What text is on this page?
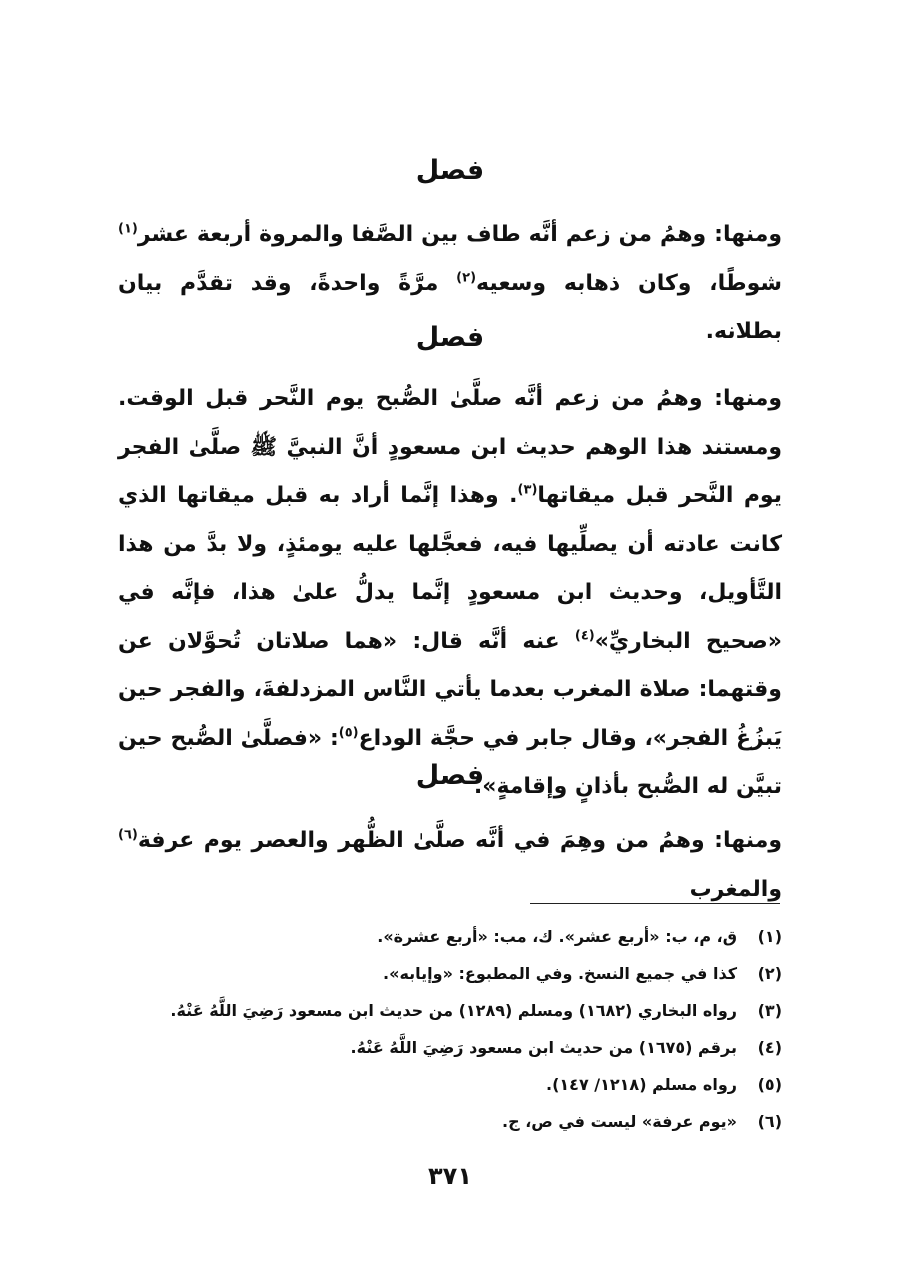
فصل
ومنها: وهمُ من زعم أنَّه طاف بين الصَّفا والمروة أربعة عشر$^{(١)}$ شوطًا، وكان ذهابه وسعيه$^{(٢)}$ مرَّةً واحدةً، وقد تقدَّم بيان بطلانه.
فصل
ومنها: وهمُ من زعم أنَّه صلَّىٰ الصُّبح يوم النَّحر قبل الوقت. ومستند هذا الوهم حديث ابن مسعودٍ أنَّ النبيَّ ﷺ صلَّىٰ الفجر يوم النَّحر قبل ميقاتها$^{(٣)}$. وهذا إنَّما أراد به قبل ميقاتها الذي كانت عادته أن يصلِّيها فيه، فعجَّلها عليه يومئذٍ، ولا بدَّ من هذا التَّأويل، وحديث ابن مسعودٍ إنَّما يدلُّ علىٰ هذا، فإنَّه في «صحيح البخاريِّ»$^{(٤)}$ عنه أنَّه قال: «هما صلاتان تُحوَّلان عن وقتهما: صلاة المغرب بعدما يأتي النَّاس المزدلفةَ، والفجر حين يَبزُغُ الفجر»، وقال جابر في حجَّة الوداع$^{(٥)}$: «فصلَّىٰ الصُّبح حين تبيَّن له الصُّبح بأذانٍ وإقامةٍ».
فصل
ومنها: وهمُ من وهِمَ في أنَّه صلَّىٰ الظُّهر والعصر يوم عرفة$^{(٦)}$ والمغرب
(١)
ق، م، ب: «أربع عشر». ك، مب: «أربع عشرة».
(٢)
كذا في جميع النسخ. وفي المطبوع: «وإيابه».
(٣)
رواه البخاري (١٦٨٢) ومسلم (١٢٨٩) من حديث ابن مسعود رَضِيَ اللَّهُ عَنْهُ.
(٤)
برقم (١٦٧٥) من حديث ابن مسعود رَضِيَ اللَّهُ عَنْهُ.
(٥)
رواه مسلم (١٢١٨/ ١٤٧).
(٦)
«يوم عرفة» ليست في ص، ج.
٣٧١
